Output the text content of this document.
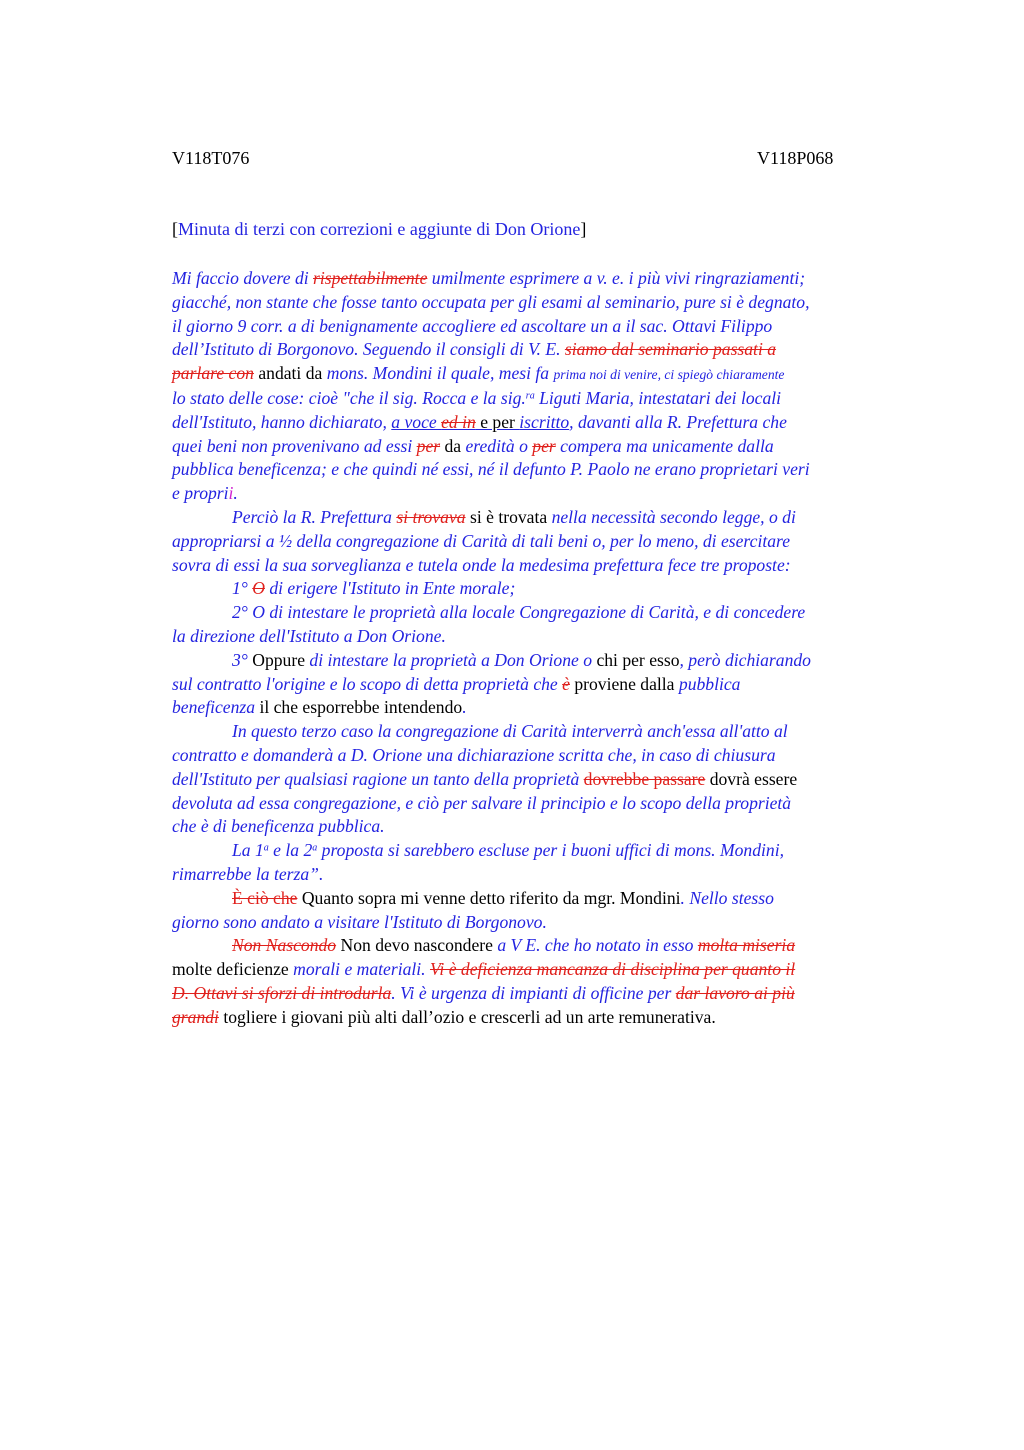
V118T076	V118P068
[Minuta di terzi con correzioni e aggiunte di Don Orione]

Mi faccio dovere di rispettabilmente umilmente esprimere a v. e. i più vivi ringraziamenti;
giacché, non stante che fosse tanto occupata per gli esami al seminario, pure si è degnato,
il giorno 9 corr. a di benignamente accogliere ed ascoltare un a il sac. Ottavi Filippo
dell’Istituto di Borgonovo. Seguendo il consigli di V. E. siamo dal seminario passati a
parlare con andati da mons. Mondini il quale, mesi fa prima noi di venire, ci spiegò chiaramente
lo stato delle cose: cioè "che il sig. Rocca e la sig.$^{ra}$ Liguti Maria, intestatari dei locali
dell'Istituto, hanno dichiarato, a voce ed in e per iscritto, davanti alla R. Prefettura che
quei beni non provenivano ad essi per da eredità o per compera ma unicamente dalla
pubblica beneficenza; e che quindi né essi, né il defunto P. Paolo ne erano proprietari veri
e proprii.

Perciò la R. Prefettura si trovava si è trovata nella necessità secondo legge, o di
appropriarsi a ½ della congregazione di Carità di tali beni o, per lo meno, di esercitare
sovra di essi la sua sorveglianza e tutela onde la medesima prefettura fece tre proposte:

1° O di erigere l'Istituto in Ente morale;

2° O di intestare le proprietà alla locale Congregazione di Carità, e di concedere
la direzione dell'Istituto a Don Orione.

3° Oppure di intestare la proprietà a Don Orione o chi per esso, però dichiarando
sul contratto l'origine e lo scopo di detta proprietà che è proviene dalla pubblica
beneficenza il che esporrebbe intendendo.

In questo terzo caso la congregazione di Carità interverrà anch'essa all'atto al
contratto e domanderà a D. Orione una dichiarazione scritta che, in caso di chiusura
dell'Istituto per qualsiasi ragione un tanto della proprietà dovrebbe passare dovrà essere
devoluta ad essa congregazione, e ciò per salvare il principio e lo scopo della proprietà
che è di beneficenza pubblica.

La 1$^a$ e la 2$^a$ proposta si sarebbero escluse per i buoni uffici di mons. Mondini,
rimarrebbe la terza”.

È ciò che Quanto sopra mi venne detto riferito da mgr. Mondini. Nello stesso
giorno sono andato a visitare l'Istituto di Borgonovo.

Non Nascondo Non devo nascondere a V E. che ho notato in esso molta miseria
molte deficienze morali e materiali. Vi è deficienza mancanza di disciplina per quanto il
D. Ottavi si sforzi di introdurla. Vi è urgenza di impianti di officine per dar lavoro ai più
grandi togliere i giovani più alti dall’ozio e crescerli ad un arte remunerativa.
